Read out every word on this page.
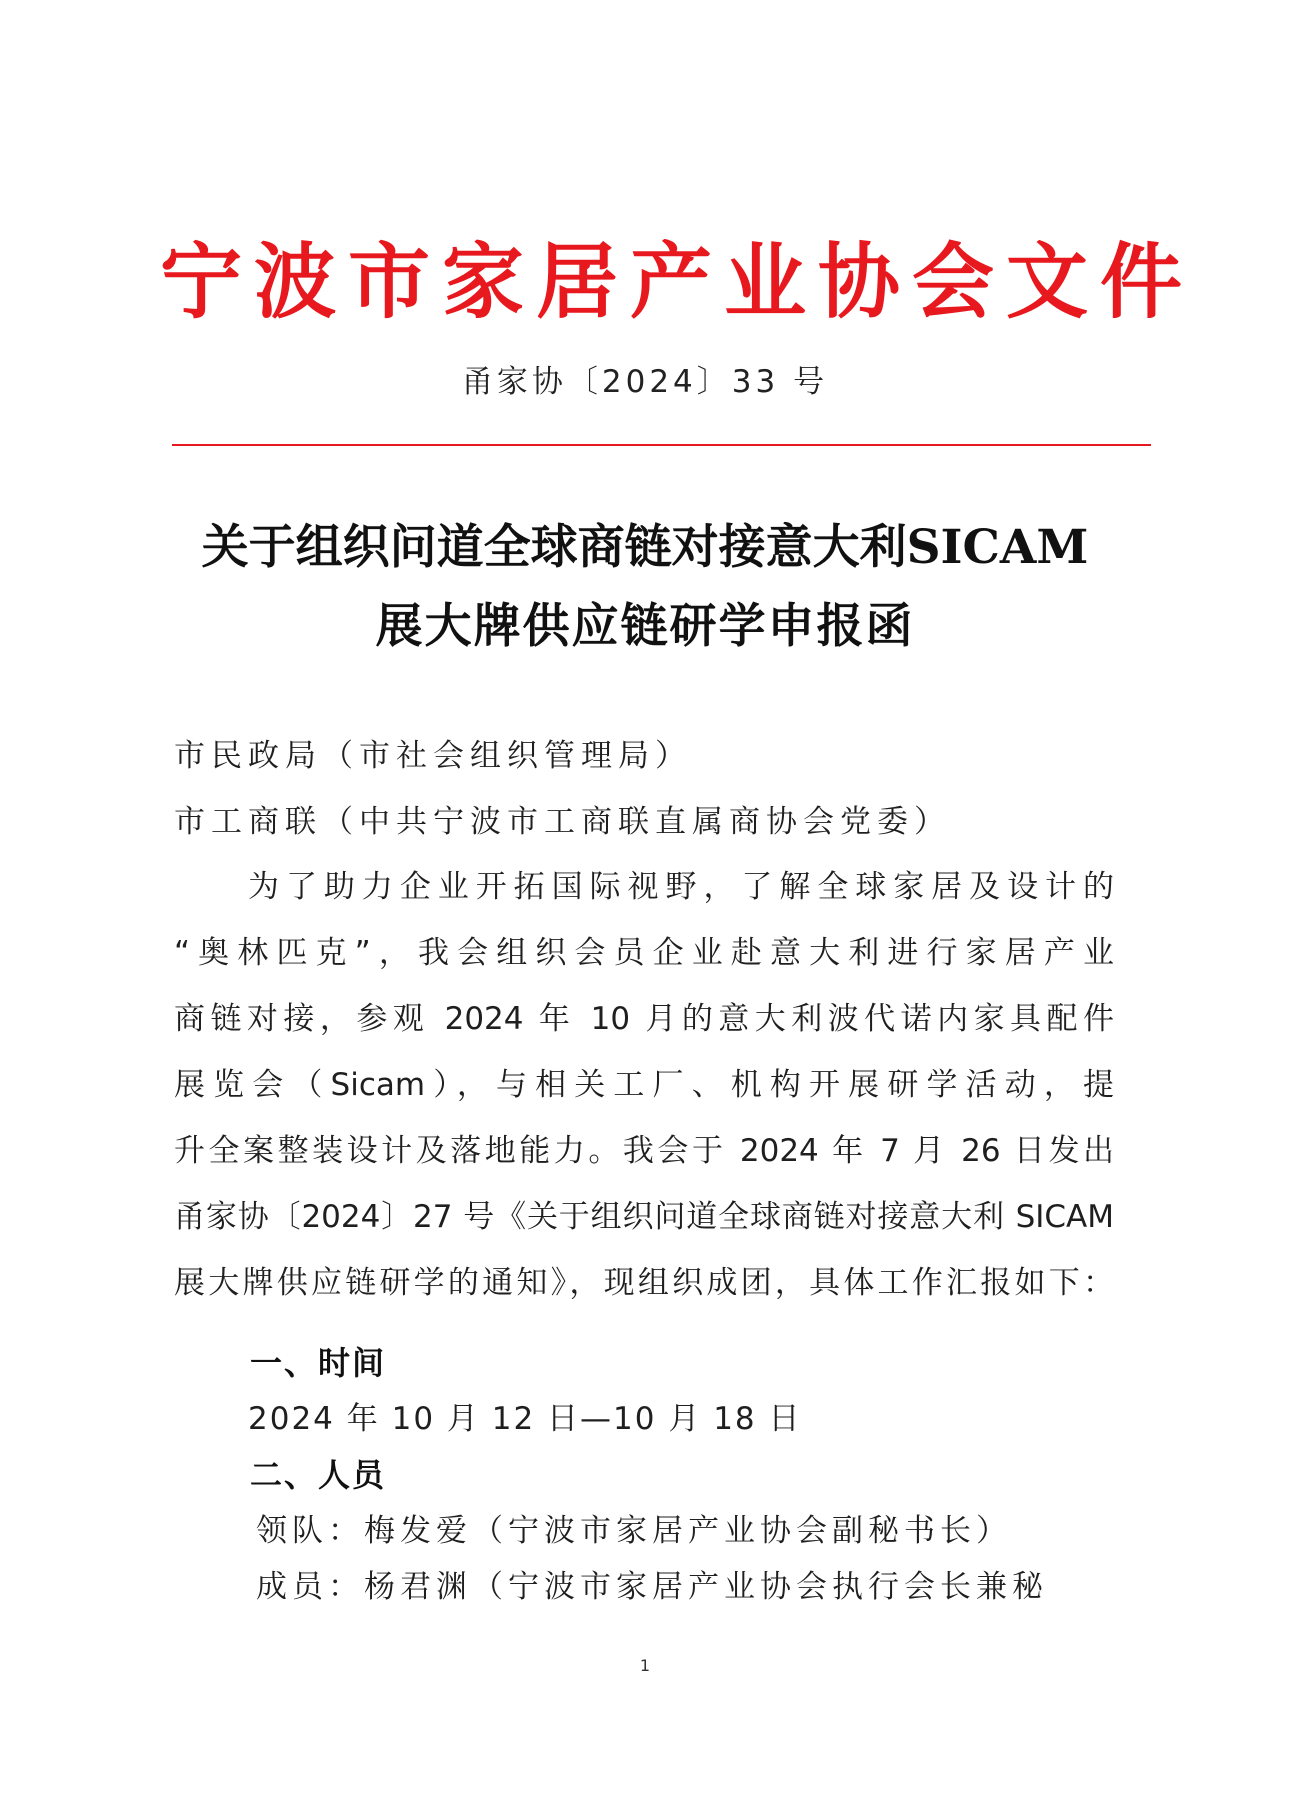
宁波市家居产业协会文件
甬家协〔2024〕33 号
关于组织问道全球商链对接意大利SICAM
展大牌供应链研学申报函
市民政局（市社会组织管理局）
市工商联（中共宁波市工商联直属商协会党委）
为了助力企业开拓国际视野，了解全球家居及设计的
“奥林匹克”，我会组织会员企业赴意大利进行家居产业
商链对接，参观 2024 年 10 月的意大利波代诺内家具配件
展览会（Sicam），与相关工厂、机构开展研学活动，提
升全案整装设计及落地能力。我会于 2024 年 7 月 26 日发出
甬家协〔2024〕27 号《关于组织问道全球商链对接意大利 SICAM
展大牌供应链研学的通知》，现组织成团，具体工作汇报如下：
一、时间
2024 年 10 月 12 日—10 月 18 日
二、人员
领队：梅发爱（宁波市家居产业协会副秘书长）
成员：杨君渊（宁波市家居产业协会执行会长兼秘
1
